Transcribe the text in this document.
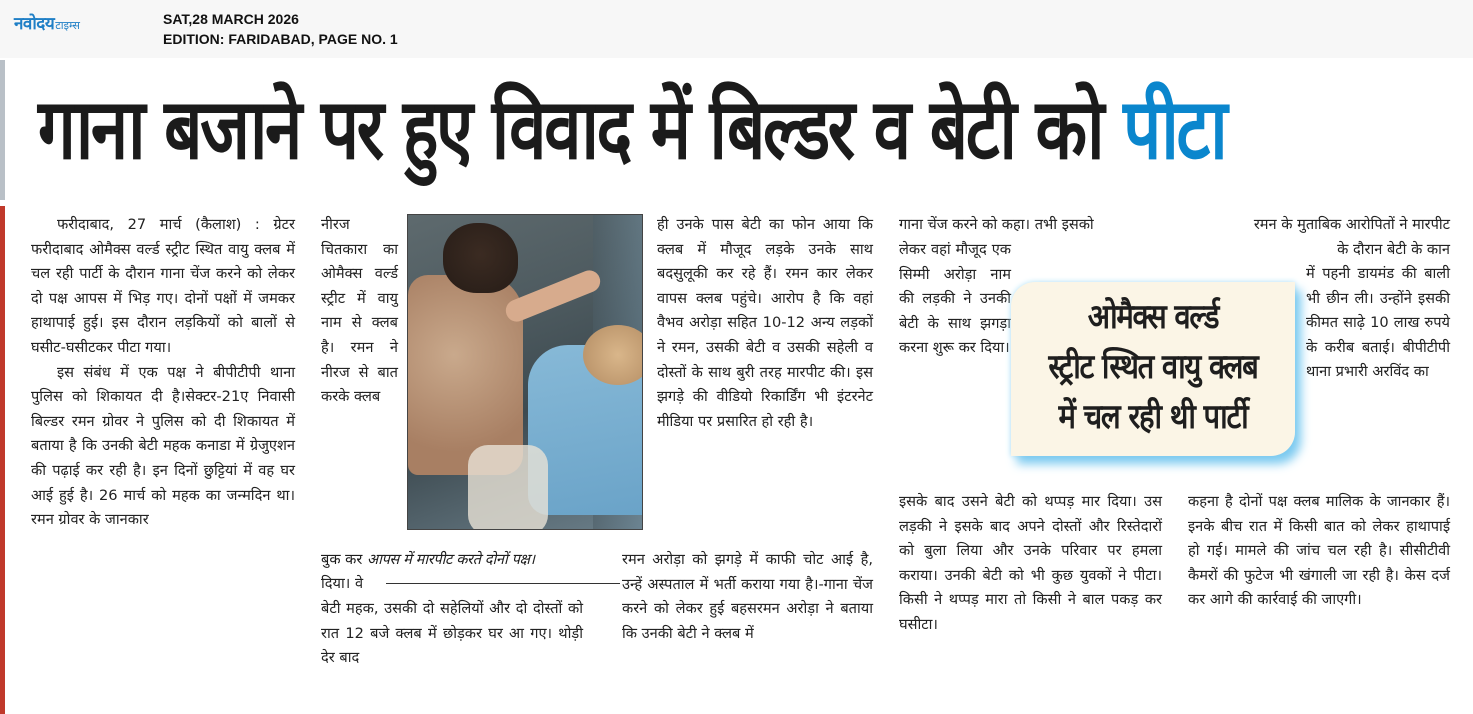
नवोदय टाइम्स	SAT,28 MARCH 2026
EDITION: FARIDABAD, PAGE NO. 1
गाना बजाने पर हुए विवाद में बिल्डर व बेटी को पीटा

फरीदाबाद, 27 मार्च (कैलाश) : ग्रेटर फरीदाबाद ओमैक्स वर्ल्ड स्ट्रीट स्थित वायु क्लब में चल रही पार्टी के दौरान गाना चेंज करने को लेकर दो पक्ष आपस में भिड़ गए। दोनों पक्षों में जमकर हाथापाई हुई। इस दौरान लड़कियों को बालों से घसीट-घसीटकर पीटा गया।

इस संबंध में एक पक्ष ने बीपीटीपी थाना पुलिस को शिकायत दी है।सेक्टर-21ए निवासी बिल्डर रमन ग्रोवर ने पुलिस को दी शिकायत में बताया है कि उनकी बेटी महक कनाडा में ग्रेजुएशन की पढ़ाई कर रही है। इन दिनों छुट्टियां में वह घर आई हुई है। 26 मार्च को महक का जन्मदिन था। रमन ग्रोवर के जानकार

नीरज चितकारा का ओमैक्स वर्ल्ड स्ट्रीट में वायु नाम से क्लब है। रमन ने नीरज से बात करके क्लब

बुक कर आपस में मारपीट करते दोनों पक्ष।
दिया। वे

बेटी महक, उसकी दो सहेलियों और दो दोस्तों को रात 12 बजे क्लब में छोड़कर घर आ गए। थोड़ी देर बाद

ही उनके पास बेटी का फोन आया कि क्लब में मौजूद लड़के उनके साथ बदसुलूकी कर रहे हैं। रमन कार लेकर वापस क्लब पहुंचे। आरोप है कि वहां वैभव अरोड़ा सहित 10-12 अन्य लड़कों ने रमन, उसकी बेटी व उसकी सहेली व दोस्तों के साथ बुरी तरह मारपीट की। इस झगड़े की वीडियो रिकार्डिंग भी इंटरनेट मीडिया पर प्रसारित हो रही है।

रमन अरोड़ा को झगड़े में काफी चोट आई है, उन्हें अस्पताल में भर्ती कराया गया है।-गाना चेंज करने को लेकर हुई बहसरमन अरोड़ा ने बताया कि उनकी बेटी ने क्लब में

गाना चेंज करने को कहा। तभी इसको

लेकर वहां मौजूद एक सिम्मी अरोड़ा नाम की लड़की ने उनकी बेटी के साथ झगड़ा करना शुरू कर दिया।

इसके बाद उसने बेटी को थप्पड़ मार दिया। उस लड़की ने इसके बाद अपने दोस्तों और रिस्तेदारों को बुला लिया और उनके परिवार पर हमला कराया। उनकी बेटी को भी कुछ युवकों ने पीटा। किसी ने थप्पड़ मारा तो किसी ने बाल पकड़ कर घसीटा।

ओमैक्स वर्ल्ड
स्ट्रीट स्थित वायु क्लब
में चल रही थी पार्टी

रमन के मुताबिक आरोपितों ने मारपीट

के दौरान बेटी के कान

में पहनी डायमंड की बाली भी छीन ली। उन्होंने इसकी कीमत साढ़े 10 लाख रुपये के करीब बताई। बीपीटीपी थाना प्रभारी अरविंद का

कहना है दोनों पक्ष क्लब मालिक के जानकार हैं। इनके बीच रात में किसी बात को लेकर हाथापाई हो गई। मामले की जांच चल रही है। सीसीटीवी कैमरों की फुटेज भी खंगाली जा रही है। केस दर्ज कर आगे की कार्रवाई की जाएगी।
